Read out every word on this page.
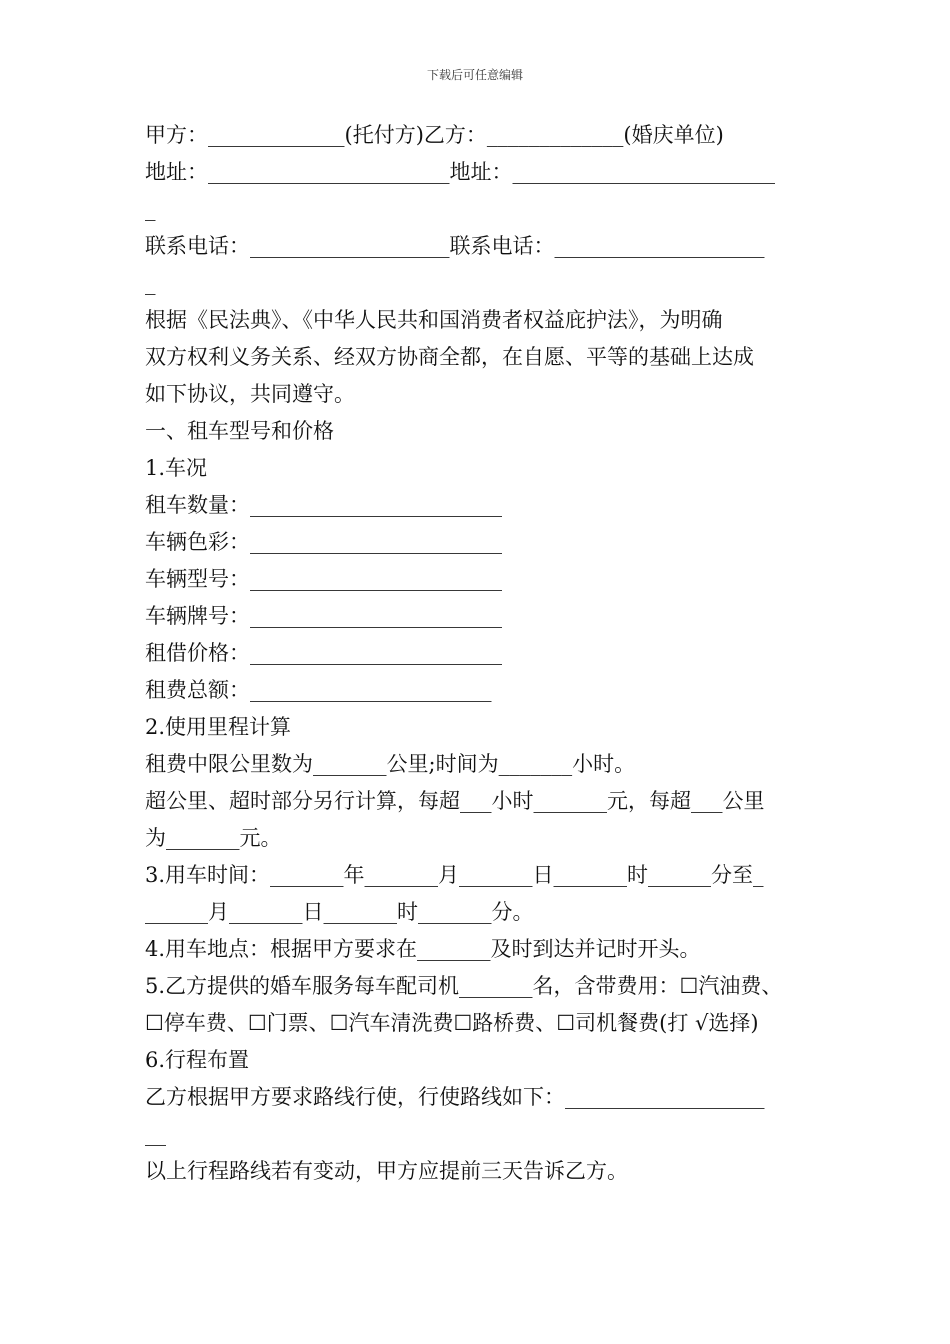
下载后可任意编辑
甲方：_____________(托付方)乙方：_____________(婚庆单位)
地址：_______________________地址：_________________________
_
联系电话：___________________联系电话：____________________
_
根据《民法典》、《中华人民共和国消费者权益庇护法》，为明确
双方权利义务关系、经双方协商全都，在自愿、平等的基础上达成
如下协议，共同遵守。
一、租车型号和价格
1.车况
租车数量：________________________
车辆色彩：________________________
车辆型号：________________________
车辆牌号：________________________
租借价格：________________________
租费总额：_______________________
2.使用里程计算
租费中限公里数为_______公里;时间为_______小时。
超公里、超时部分另行计算，每超___小时_______元，每超___公里
为_______元。
3.用车时间：_______年_______月_______日_______时______分至_
______月_______日_______时_______分。
4.用车地点：根据甲方要求在_______及时到达并记时开头。
5.乙方提供的婚车服务每车配司机_______名，含带费用：☐汽油费、
☐停车费、☐门票、☐汽车清洗费☐路桥费、☐司机餐费(打 √选择)
6.行程布置
乙方根据甲方要求路线行使，行使路线如下：___________________
__
以上行程路线若有变动，甲方应提前三天告诉乙方。
